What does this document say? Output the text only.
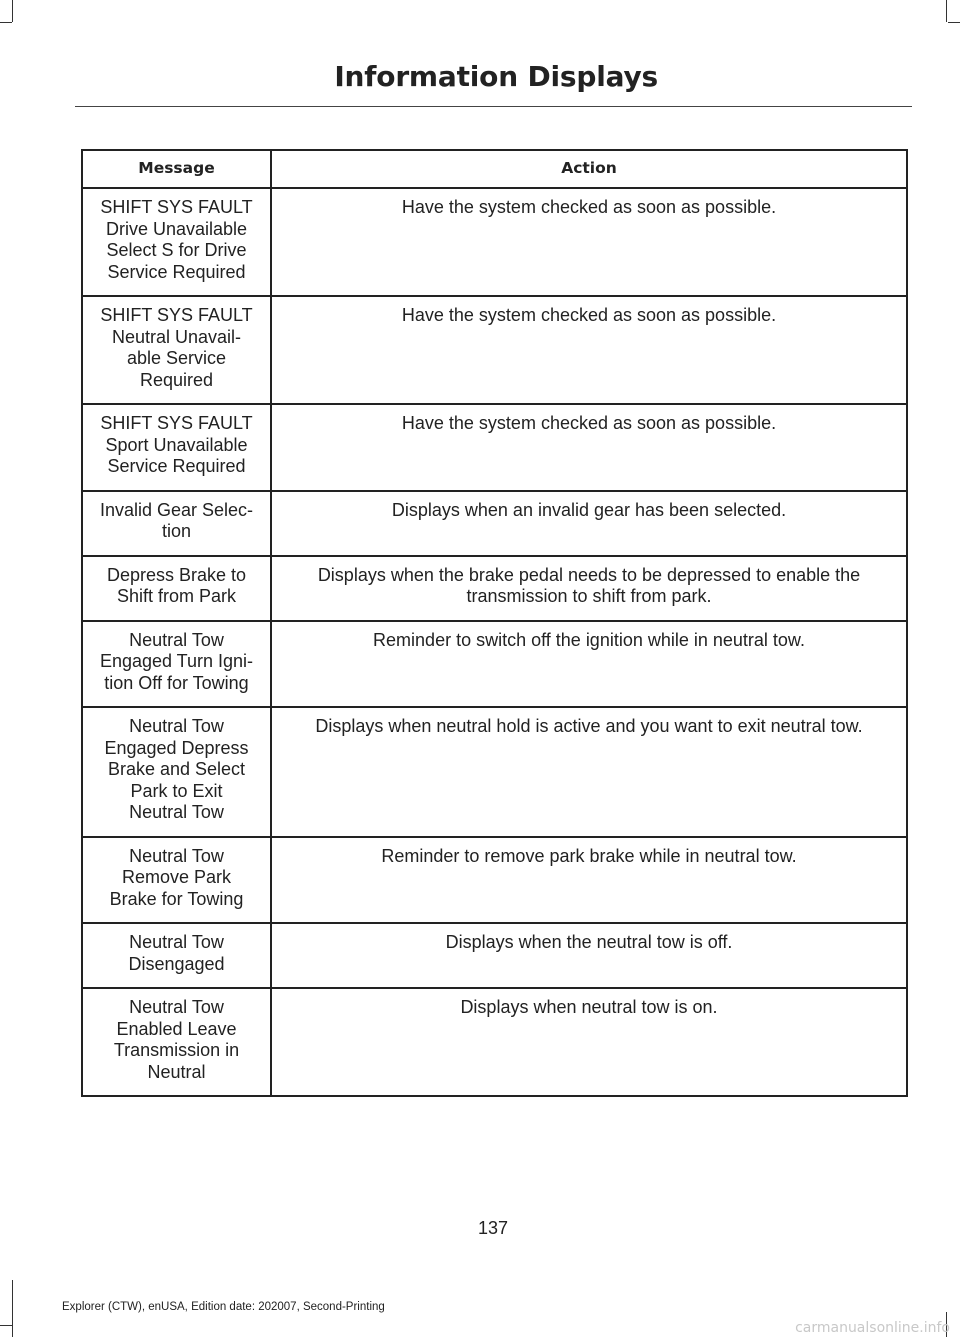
Information Displays
Message	Action
SHIFT SYS FAULT
Drive Unavailable
Select S for Drive
Service Required	Have the system checked as soon as possible.
SHIFT SYS FAULT
Neutral Unavail-
able Service
Required	Have the system checked as soon as possible.
SHIFT SYS FAULT
Sport Unavailable
Service Required	Have the system checked as soon as possible.
Invalid Gear Selec-
tion	Displays when an invalid gear has been selected.
Depress Brake to
Shift from Park	Displays when the brake pedal needs to be depressed to enable the transmission to shift from park.
Neutral Tow
Engaged Turn Igni-
tion Off for Towing	Reminder to switch off the ignition while in neutral tow.
Neutral Tow
Engaged Depress
Brake and Select
Park to Exit
Neutral Tow	Displays when neutral hold is active and you want to exit neutral tow.
Neutral Tow
Remove Park
Brake for Towing	Reminder to remove park brake while in neutral tow.
Neutral Tow
Disengaged	Displays when the neutral tow is off.
Neutral Tow
Enabled Leave
Transmission in
Neutral	Displays when neutral tow is on.
137
Explorer (CTW), enUSA, Edition date: 202007, Second-Printing
carmanualsonline.info
